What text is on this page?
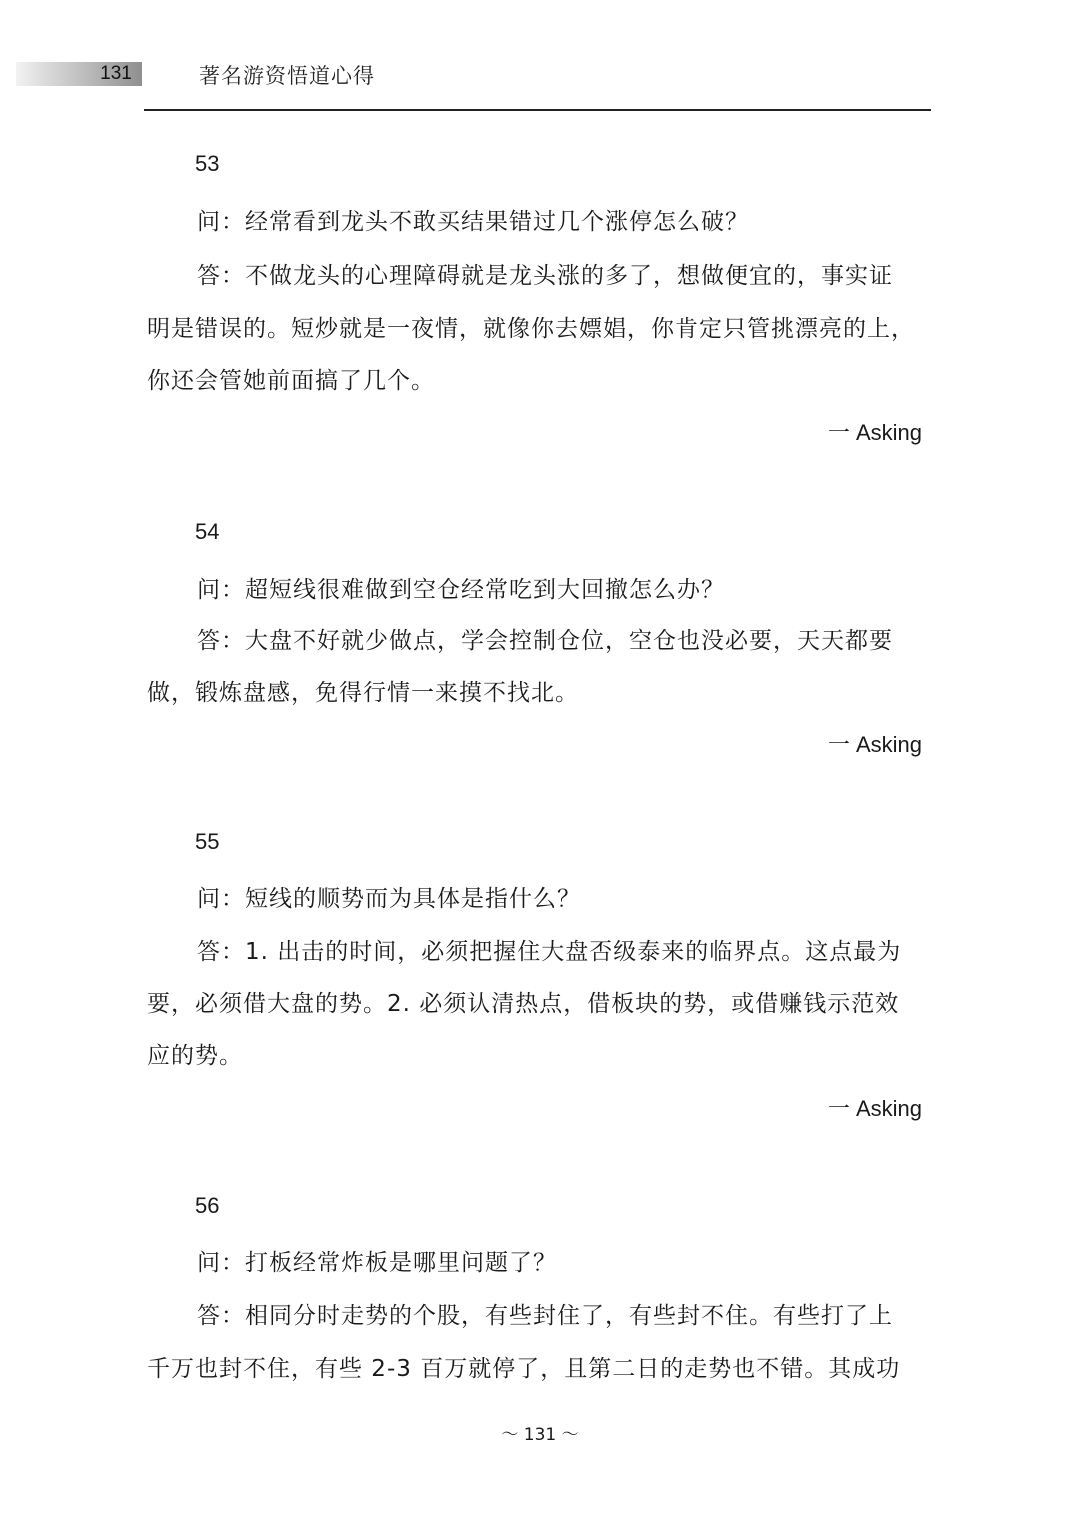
131	著名游资悟道心得
53
问：经常看到龙头不敢买结果错过几个涨停怎么破？
答：不做龙头的心理障碍就是龙头涨的多了，想做便宜的，事实证
明是错误的。短炒就是一夜情，就像你去嫖娼，你肯定只管挑漂亮的上，
你还会管她前面搞了几个。
一 Asking
54
问：超短线很难做到空仓经常吃到大回撤怎么办？
答：大盘不好就少做点，学会控制仓位，空仓也没必要，天天都要
做，锻炼盘感，免得行情一来摸不找北。
一 Asking
55
问：短线的顺势而为具体是指什么？
答：1. 出击的时间，必须把握住大盘否级泰来的临界点。这点最为
要，必须借大盘的势。2. 必须认清热点，借板块的势，或借赚钱示范效
应的势。
一 Asking
56
问：打板经常炸板是哪里问题了？
答：相同分时走势的个股，有些封住了，有些封不住。有些打了上
千万也封不住，有些 2-3 百万就停了，且第二日的走势也不错。其成功
～ 131 ～
